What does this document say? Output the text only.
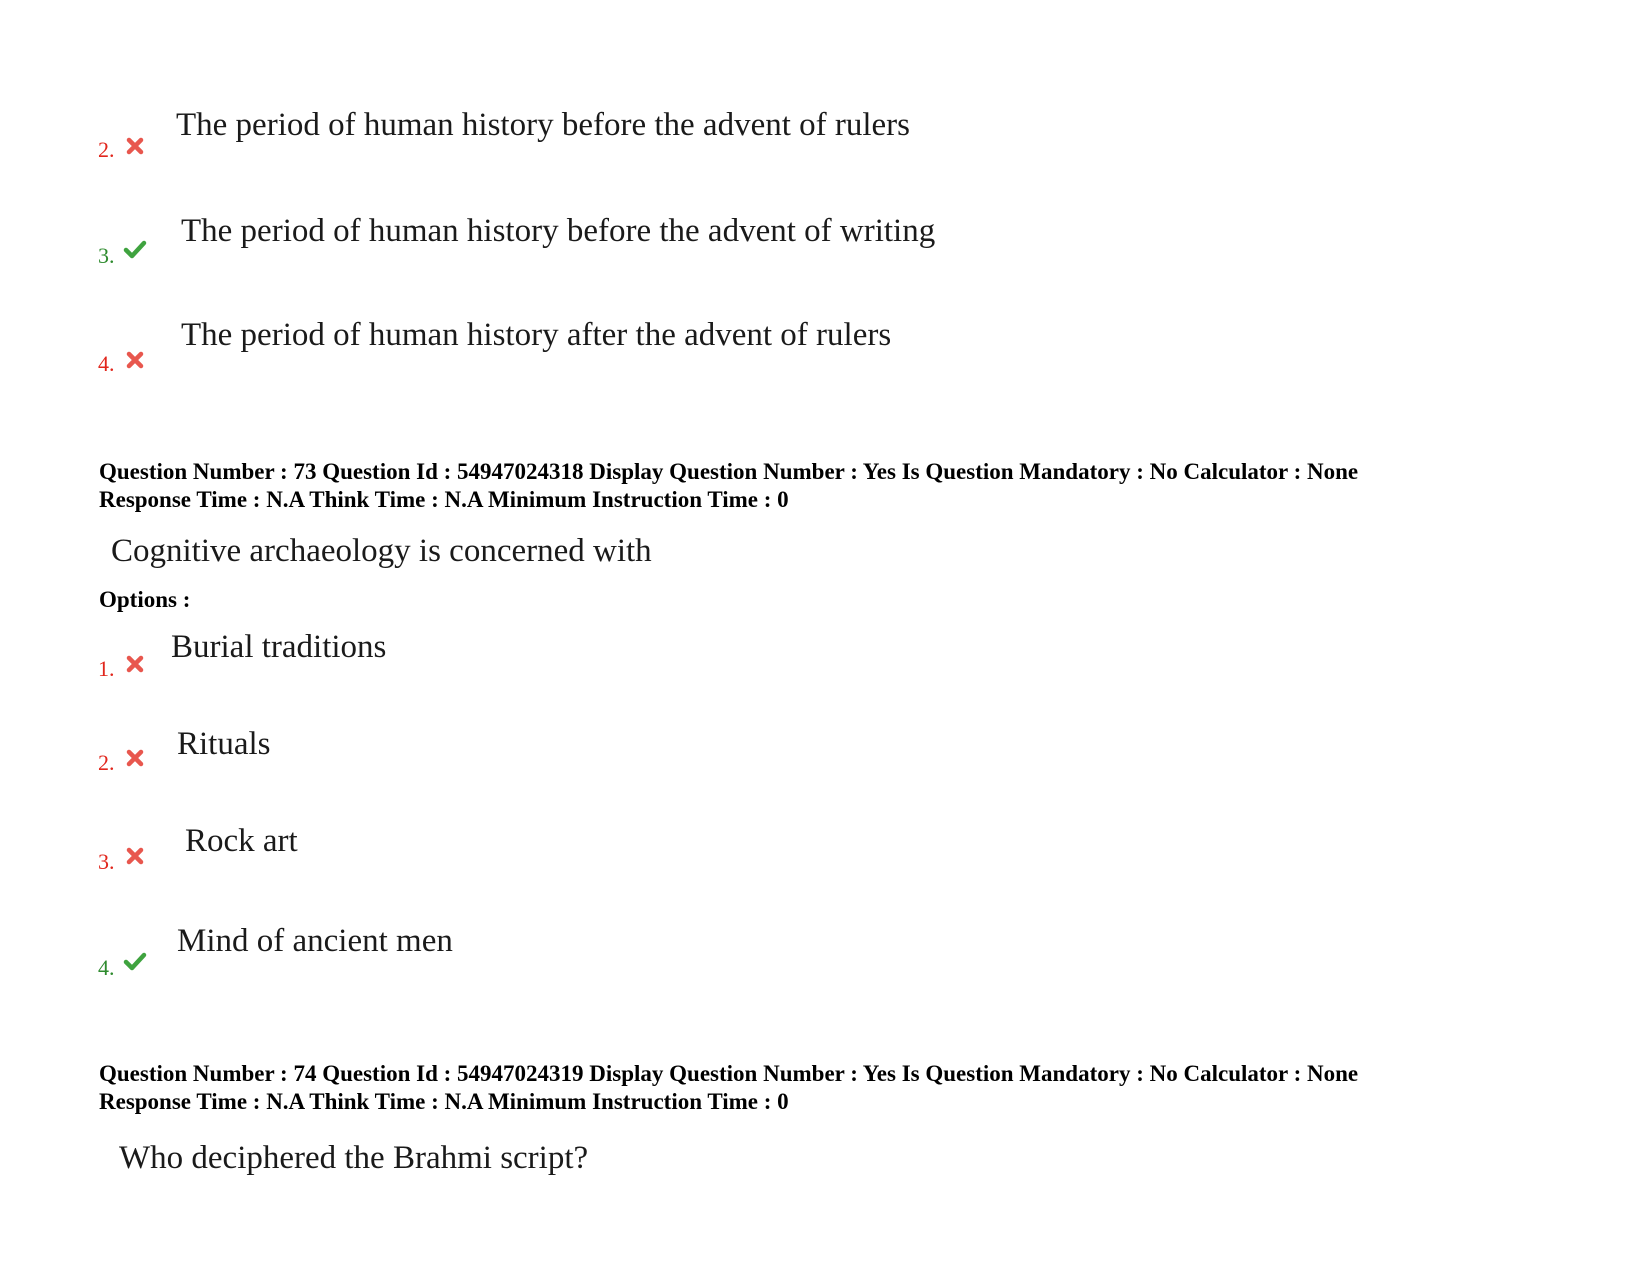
2.
The period of human history before the advent of rulers
3.
The period of human history before the advent of writing
4.
The period of human history after the advent of rulers
Question Number : 73 Question Id : 54947024318 Display Question Number : Yes Is Question Mandatory : No Calculator : None
Response Time : N.A Think Time : N.A Minimum Instruction Time : 0
Cognitive archaeology is concerned with
Options :
1.
Burial traditions
2.
Rituals
3.
Rock art
4.
Mind of ancient men
Question Number : 74 Question Id : 54947024319 Display Question Number : Yes Is Question Mandatory : No Calculator : None
Response Time : N.A Think Time : N.A Minimum Instruction Time : 0
Who deciphered the Brahmi script?
